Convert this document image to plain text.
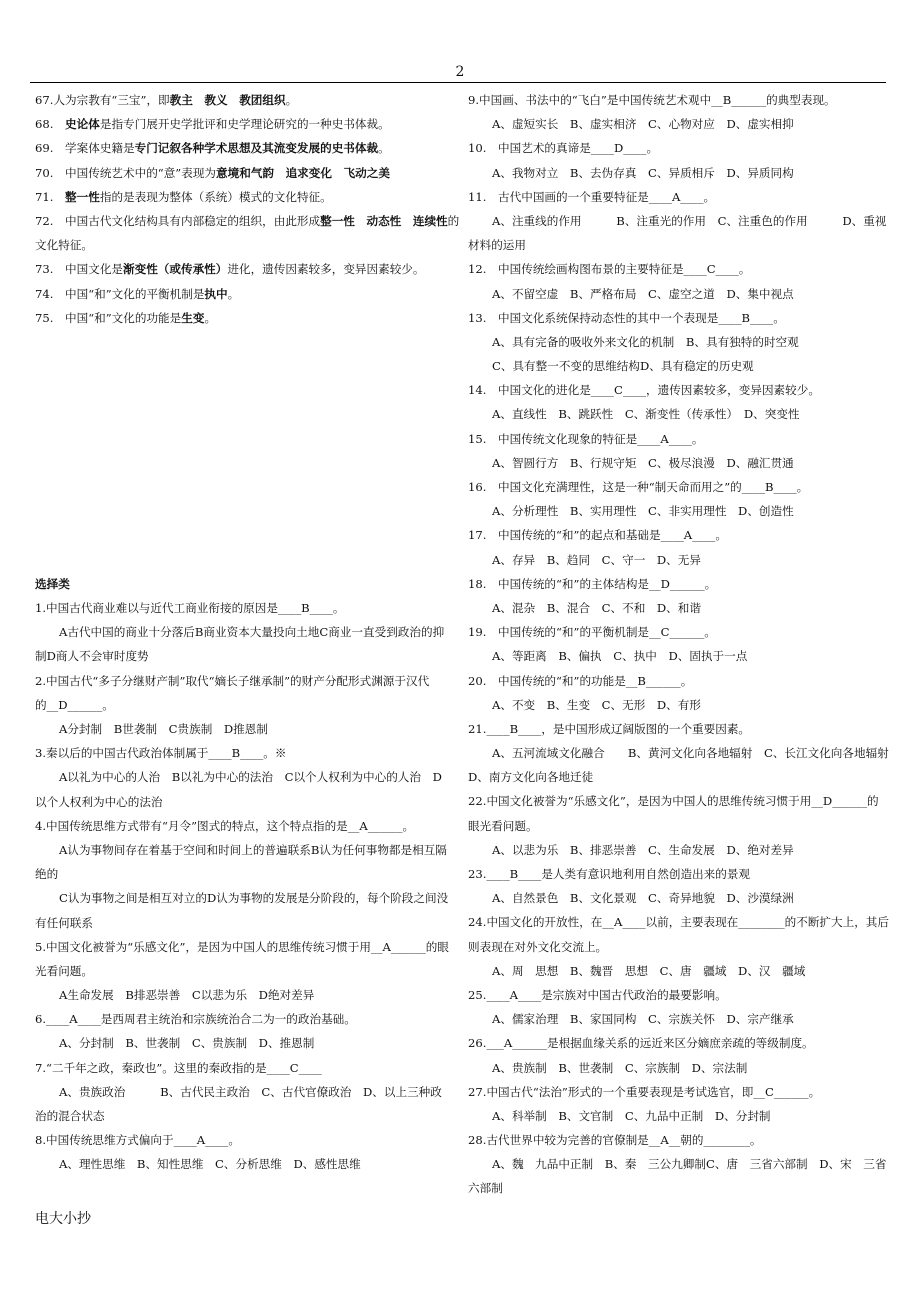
2
67.人为宗教有“三宝”，即教主　教义　教团组织。
68.　史论体是指专门展开史学批评和史学理论研究的一种史书体裁。
69.　学案体史籍是专门记叙各种学术思想及其流变发展的史书体裁。
70.　中国传统艺术中的“意”表现为意境和气韵　追求变化　飞动之美
71.　整一性指的是表现为整体（系统）模式的文化特征。
72.　中国古代文化结构具有内部稳定的组织，由此形成整一性　动态性　连续性的
文化特征。
73.　中国文化是渐变性（或传承性）进化，遗传因素较多，变异因素较少。
74.　中国“和”文化的平衡机制是执中。
75.　中国“和”文化的功能是生变。
选择类
1.中国古代商业难以与近代工商业衔接的原因是____B____。
A古代中国的商业十分落后B商业资本大量投向土地C商业一直受到政治的抑
制D商人不会审时度势
2.中国古代“多子分继财产制”取代“嫡长子继承制”的财产分配形式渊源于汉代
的__D______。
A分封制　B世袭制　C贵族制　D推恩制
3.秦以后的中国古代政治体制属于____B____。※
A以礼为中心的人治　B以礼为中心的法治　C以个人权利为中心的人治　D
以个人权利为中心的法治
4.中国传统思维方式带有“月令”图式的特点，这个特点指的是__A______。
A认为事物间存在着基于空间和时间上的普遍联系B认为任何事物都是相互隔
绝的
C认为事物之间是相互对立的D认为事物的发展是分阶段的，每个阶段之间没
有任何联系
5.中国文化被誉为“乐感文化”，是因为中国人的思维传统习惯于用__A______的眼
光看问题。
A生命发展　B排恶崇善　C以悲为乐　D绝对差异
6.____A____是西周君主统治和宗族统治合二为一的政治基础。
A、分封制　B、世袭制　C、贵族制　D、推恩制
7.“二千年之政，秦政也”。这里的秦政指的是____C____
A、贵族政治　　　B、古代民主政治　C、古代官僚政治　D、以上三种政
治的混合状态
8.中国传统思维方式偏向于____A____。
A、理性思维　B、知性思维　C、分析思维　D、感性思维
9.中国画、书法中的“飞白”是中国传统艺术观中__B______的典型表现。
A、虚短实长　B、虚实相济　C、心物对应　D、虚实相抑
10.　中国艺术的真谛是____D____。
A、我物对立　B、去伪存真　C、异质相斥　D、异质同构
11.　古代中国画的一个重要特征是____A____。
A、注重线的作用　　　B、注重光的作用　C、注重色的作用　　　D、重视
材料的运用
12.　中国传统绘画构图布景的主要特征是____C____。
A、不留空虚　B、严格布局　C、虚空之道　D、集中视点
13.　中国文化系统保持动态性的其中一个表现是____B____。
A、具有完备的吸收外来文化的机制　B、具有独特的时空观
C、具有整一不变的思维结构D、具有稳定的历史观
14.　中国文化的进化是____C____，遗传因素较多，变异因素较少。
A、直线性　B、跳跃性　C、渐变性（传承性）　D、突变性
15.　中国传统文化现象的特征是____A____。
A、智圆行方　B、行规守矩　C、极尽浪漫　D、融汇贯通
16.　中国文化充满理性，这是一种“制天命而用之”的____B____。
A、分析理性　B、实用理性　C、非实用理性　D、创造性
17.　中国传统的“和”的起点和基础是____A____。
A、存异　B、趋同　C、守一　D、无异
18.　中国传统的“和”的主体结构是__D______。
A、混杂　B、混合　C、不和　D、和谐
19.　中国传统的“和”的平衡机制是__C______。
A、等距离　B、偏执　C、执中　D、固执于一点
20.　中国传统的“和”的功能是__B______。
A、不变　B、生变　C、无形　D、有形
21.____B____，是中国形成辽阔版图的一个重要因素。
A、五河流域文化融合　　B、黄河文化向各地辐射　C、长江文化向各地辐射
D、南方文化向各地迁徒
22.中国文化被誉为“乐感文化”，是因为中国人的思维传统习惯于用__D______的
眼光看问题。
A、以悲为乐　B、排恶崇善　C、生命发展　D、绝对差异
23.____B____是人类有意识地利用自然创造出来的景观
A、自然景色　B、文化景观　C、奇异地貌　D、沙漠绿洲
24.中国文化的开放性，在__A____以前，主要表现在________的不断扩大上，其后
则表现在对外文化交流上。
A、周　思想　B、魏晋　思想　C、唐　疆域　D、汉　疆域
25.____A____是宗族对中国古代政治的最要影响。
A、儒家治理　B、家国同构　C、宗族关怀　D、宗产继承
26.___A______是根据血缘关系的远近来区分嫡庶亲疏的等级制度。
A、贵族制　B、世袭制　C、宗族制　D、宗法制
27.中国古代“法治”形式的一个重要表现是考试选官，即__C______。
A、科举制　B、文官制　C、九品中正制　D、分封制
28.古代世界中较为完善的官僚制是__A__朝的________。
A、魏　九品中正制　B、秦　三公九卿制C、唐　三省六部制　D、宋　三省
六部制
电大小抄
